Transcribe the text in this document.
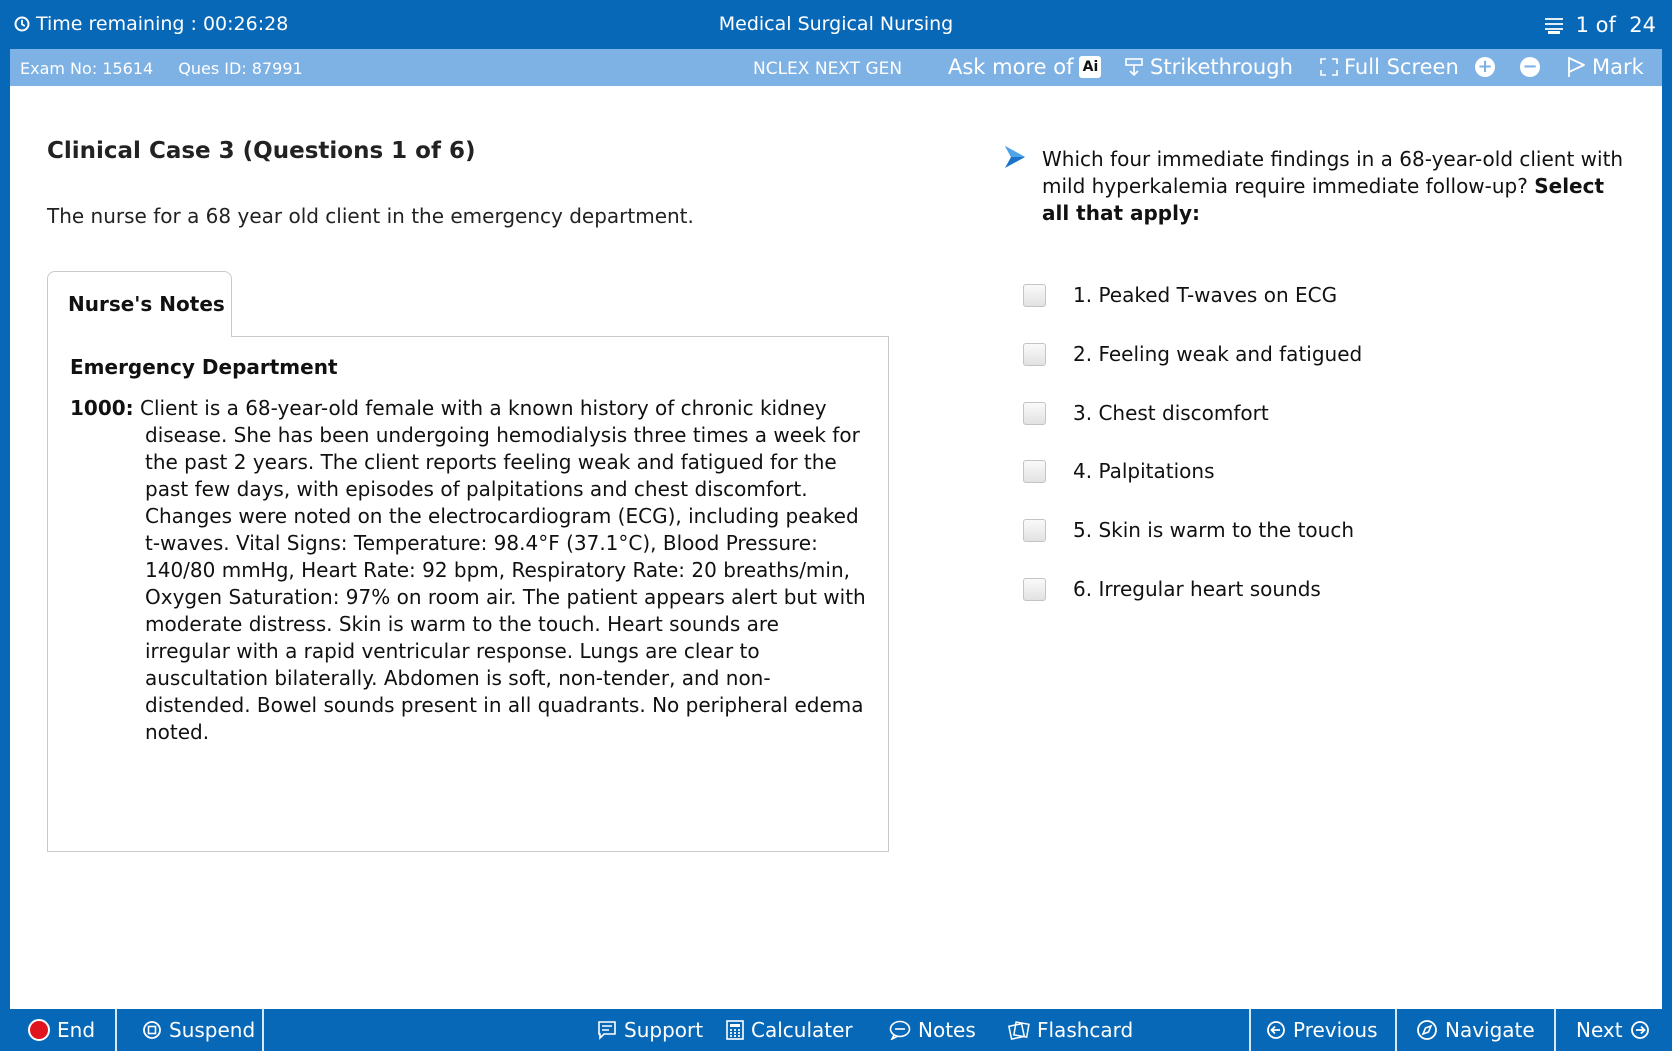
Time remaining : 00:26:28	Medical Surgical Nursing	1 of  24
Exam No: 15614 Ques ID: 87991	NCLEX NEXT GEN Ask more of Ai Strikethrough Full Screen + −	Mark
Clinical Case 3 (Questions 1 of 6)
The nurse for a 68 year old client in the emergency department.
Nurse's Notes
Emergency Department
1000: Client is a 68-year-old female with a known history of chronic kidney disease. She has been undergoing hemodialysis three times a week for the past 2 years. The client reports feeling weak and fatigued for the past few days, with episodes of palpitations and chest discomfort. Changes were noted on the electrocardiogram (ECG), including peaked t-waves. Vital Signs: Temperature: 98.4°F (37.1°C), Blood Pressure: 140/80 mmHg, Heart Rate: 92 bpm, Respiratory Rate: 20 breaths/min, Oxygen Saturation: 97% on room air. The patient appears alert but with moderate distress. Skin is warm to the touch. Heart sounds are irregular with a rapid ventricular response. Lungs are clear to auscultation bilaterally. Abdomen is soft, non-tender, and non-distended. Bowel sounds present in all quadrants. No peripheral edema noted.
Which four immediate findings in a 68-year-old client with mild hyperkalemia require immediate follow-up? Select all that apply:
1. Peaked T-waves on ECG
2. Feeling weak and fatigued
3. Chest discomfort
4. Palpitations
5. Skin is warm to the touch
6. Irregular heart sounds
End	Suspend	Support Calculater	Notes	Flashcard	Previous	Navigate Next
